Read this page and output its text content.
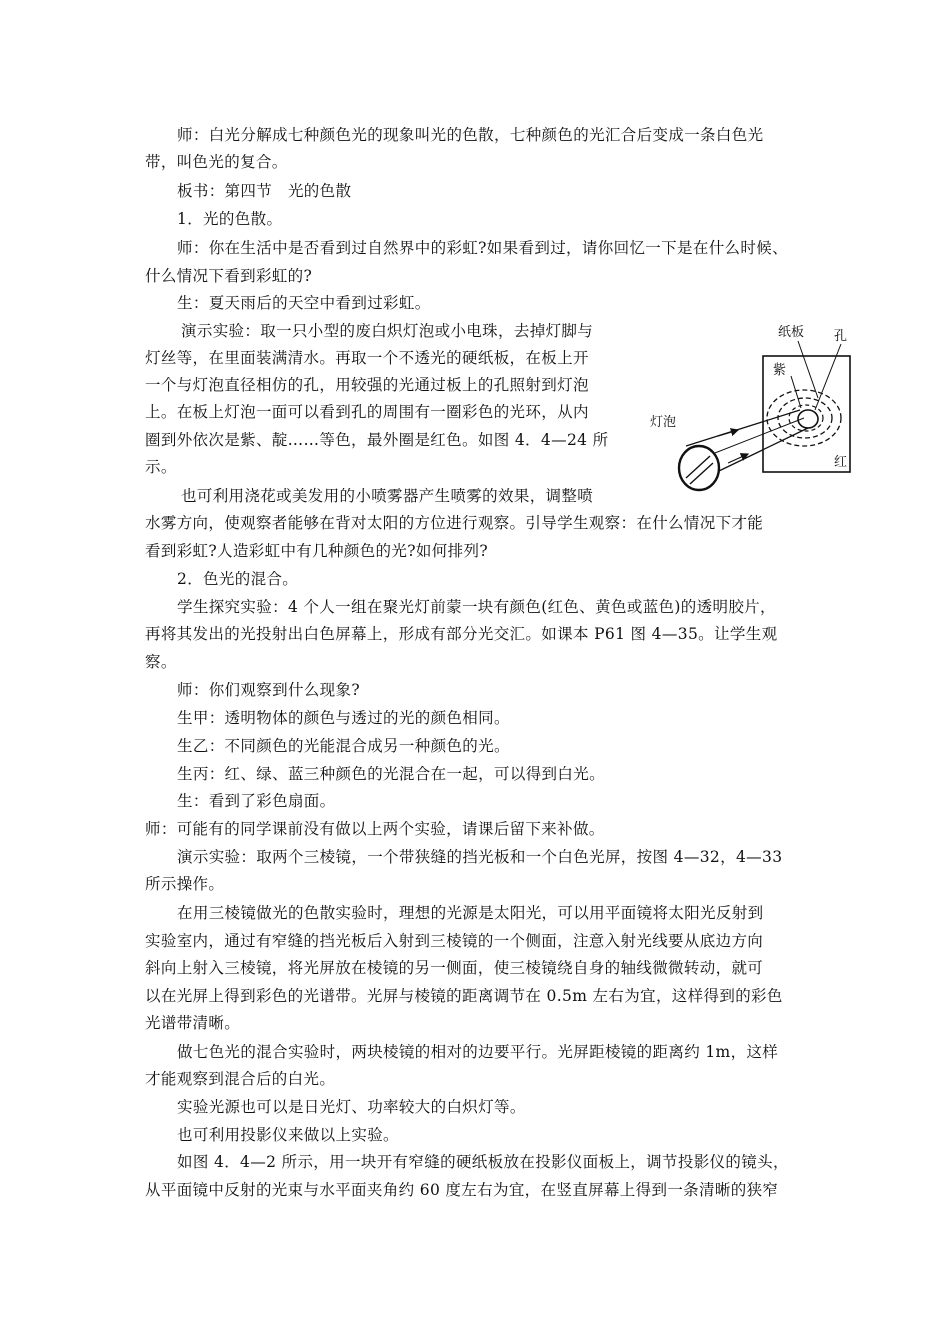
师：白光分解成七种颜色光的现象叫光的色散，七种颜色的光汇合后变成一条白色光
带，叫色光的复合。
板书：第四节　光的色散
1．光的色散。
师：你在生活中是否看到过自然界中的彩虹?如果看到过，请你回忆一下是在什么时候、
什么情况下看到彩虹的?
生：夏天雨后的天空中看到过彩虹。
演示实验：取一只小型的废白炽灯泡或小电珠，去掉灯脚与
灯丝等，在里面装满清水。再取一个不透光的硬纸板，在板上开
一个与灯泡直径相仿的孔，用较强的光通过板上的孔照射到灯泡
上。在板上灯泡一面可以看到孔的周围有一圈彩色的光环，从内
圈到外依次是紫、靛……等色，最外圈是红色。如图 4．4—24 所
示。
也可利用浇花或美发用的小喷雾器产生喷雾的效果，调整喷
水雾方向，使观察者能够在背对太阳的方位进行观察。引导学生观察：在什么情况下才能
看到彩虹?人造彩虹中有几种颜色的光?如何排列?
2．色光的混合。
学生探究实验：4 个人一组在聚光灯前蒙一块有颜色(红色、黄色或蓝色)的透明胶片，
再将其发出的光投射出白色屏幕上，形成有部分光交汇。如课本 P61 图 4—35。让学生观
察。
师：你们观察到什么现象?
生甲：透明物体的颜色与透过的光的颜色相同。
生乙：不同颜色的光能混合成另一种颜色的光。
生丙：红、绿、蓝三种颜色的光混合在一起，可以得到白光。
生：看到了彩色扇面。
师：可能有的同学课前没有做以上两个实验，请课后留下来补做。
演示实验：取两个三棱镜，一个带狭缝的挡光板和一个白色光屏，按图 4—32，4—33
所示操作。
在用三棱镜做光的色散实验时，理想的光源是太阳光，可以用平面镜将太阳光反射到
实验室内，通过有窄缝的挡光板后入射到三棱镜的一个侧面，注意入射光线要从底边方向
斜向上射入三棱镜，将光屏放在棱镜的另一侧面，使三棱镜绕自身的轴线微微转动，就可
以在光屏上得到彩色的光谱带。光屏与棱镜的距离调节在 0.5m 左右为宜，这样得到的彩色
光谱带清晰。
做七色光的混合实验时，两块棱镜的相对的边要平行。光屏距棱镜的距离约 1m，这样
才能观察到混合后的白光。
实验光源也可以是日光灯、功率较大的白炽灯等。
也可利用投影仪来做以上实验。
如图 4．4—2 所示，用一块开有窄缝的硬纸板放在投影仪面板上，调节投影仪的镜头，
从平面镜中反射的光束与水平面夹角约 60 度左右为宜，在竖直屏幕上得到一条清晰的狭窄
纸板 孔
紫
灯泡
红
